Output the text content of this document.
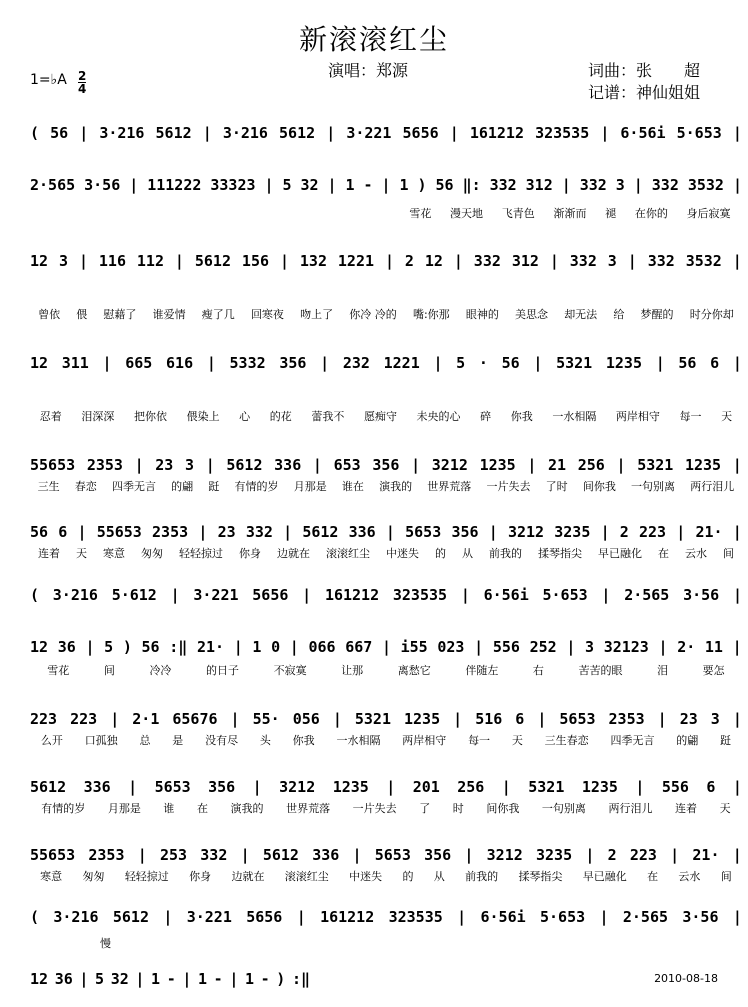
新滚滚红尘
演唱：郑源	词曲：张　　超
记谱：神仙姐姐
1=♭A 2
4
( 56 | 3·216 5612 | 3·216 5612 | 3·221 5656 | 161212 323535 | 6·56i 5·653 |
2·565 3·56 | 111222 33323 | 5 32 | 1 - | 1 ) 56 ‖: 332 312 | 332 3 | 332 3532 |
雪花 漫天地 飞青色 渐渐而 褪 在你的 身后寂寞
12 3 | 116 112 | 5612 156 | 132 1221 | 2 12 | 332 312 | 332 3 | 332 3532 |
曾依 偎 慰藉了 谁爱情 瘦了几 回寒夜 吻上了 你冷 冷的 嘴:你那 眼神的 美思念 却无法 给 梦醒的 时分你却
12 311 | 665 616 | 5332 356 | 232 1221 | 5 · 56 | 5321 1235 | 56 6 |
忍着 泪深深 把你依 偎染上 心 的花 蕾我不 愿痴守 未央的心 碎 你我 一水相隔 两岸相守 每一 天
55653 2353 | 23 3 | 5612 336 | 653 356 | 3212 1235 | 21 256 | 5321 1235 |
三生 春恋 四季无言 的翩 跹 有情的岁 月那是 谁在 演我的 世界荒落 一片失去 了时 间你我 一句别离 两行泪儿
56 6 | 55653 2353 | 23 332 | 5612 336 | 5653 356 | 3212 3235 | 2 223 | 21· |
连着 天 寒意 匆匆 轻轻掠过 你身 边就在 滚滚红尘 中迷失 的 从 前我的 揉琴指尖 早已融化 在 云水 间
( 3·216 5·612 | 3·221 5656 | 161212 323535 | 6·56i 5·653 | 2·565 3·56 |
12 36 | 5 ) 56 :‖ 21· | 1 0 | 066 667 | i55 023 | 556 252 | 3 32123 | 2· 11 |
雪花	间	冷冷	的日子	不寂寞	让那	离愁它	伴随左	右	苦苦的眼	泪	要怎
223 223 | 2·1 65676 | 55· 056 | 5321 1235 | 516 6 | 5653 2353 | 23 3 |
么开 口孤独 总 是 没有尽 头 你我 一水相隔 两岸相守 每一 天 三生春恋 四季无言 的翩 跹
5612 336 | 5653 356 | 3212 1235 | 201 256 | 5321 1235 | 556 6 |
有情的岁 月那是 谁 在 演我的 世界荒落 一片失去 了 时 间你我 一句别离 两行泪儿 连着 天
55653 2353 | 253 332 | 5612 336 | 5653 356 | 3212 3235 | 2 223 | 21· |
寒意 匆匆 轻轻掠过 你身 边就在 滚滚红尘 中迷失 的 从 前我的 揉琴指尖 早已融化 在 云水 间
( 3·216 5612 | 3·221 5656 | 161212 323535 | 6·56i 5·653 | 2·565 3·56 |
慢
12 36 | 5 32 | 1 - | 1 - | 1 - ) :‖	2010-08-18
